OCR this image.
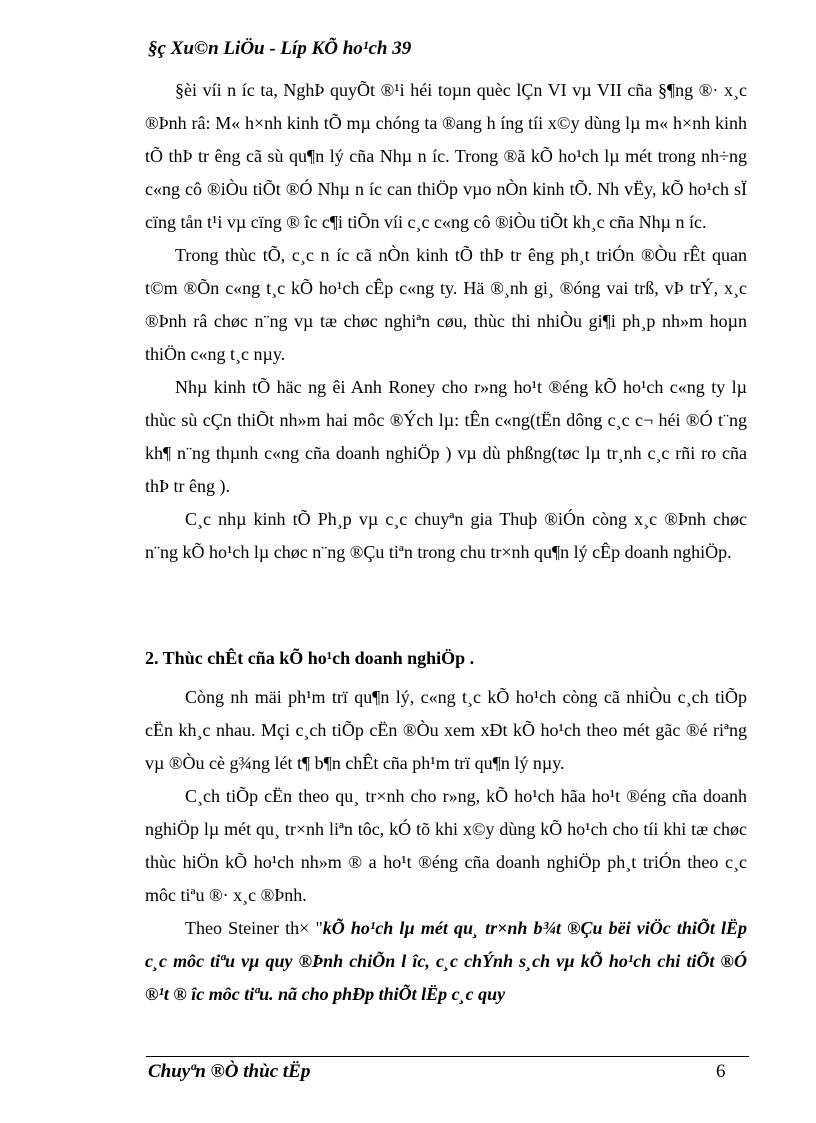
§ç Xu©n LiÖu - Líp KÕ ho¹ch 39

§èi víi n íc ta, NghÞ quyÕt ®¹i héi toµn quèc lÇn VI vµ VII cña §¶ng ®· x¸c ®Þnh râ: M« h×nh kinh tÕ mµ chóng ta ®ang h íng tíi x©y dùng lµ m« h×nh kinh tÕ thÞ tr êng cã sù qu¶n lý cña Nhµ n íc. Trong ®ã kÕ ho¹ch lµ mét trong nh÷ng c«ng cô ®iÒu tiÕt ®Ó Nhµ n íc can thiÖp vµo nÒn kinh tÕ. Nh vËy, kÕ ho¹ch sÏ cïng tån t¹i vµ cïng ® îc c¶i tiÕn víi c¸c c«ng cô ®iÒu tiÕt kh¸c cña Nhµ n íc.

Trong thùc tÕ, c¸c n íc cã nÒn kinh tÕ thÞ tr êng ph¸t triÓn ®Òu rÊt quan t©m ®Õn c«ng t¸c kÕ ho¹ch cÊp c«ng ty. Hä ®¸nh gi¸ ®óng vai trß, vÞ trÝ, x¸c ®Þnh râ chøc n¨ng vµ tæ chøc nghiªn cøu, thùc thi nhiÒu gi¶i ph¸p nh»m hoµn thiÖn c«ng t¸c nµy.

Nhµ kinh tÕ häc ng êi Anh Roney cho r»ng ho¹t ®éng kÕ ho¹ch c«ng ty lµ thùc sù cÇn thiÕt nh»m hai môc ®Ých lµ: tÊn c«ng(tËn dông c¸c c¬ héi ®Ó t¨ng kh¶ n¨ng thµnh c«ng cña doanh nghiÖp ) vµ dù phßng(tøc lµ tr¸nh c¸c rñi ro cña thÞ tr êng ).

C¸c nhµ kinh tÕ Ph¸p vµ c¸c chuyªn gia Thuþ ®iÓn còng x¸c ®Þnh chøc n¨ng kÕ ho¹ch lµ chøc n¨ng ®Çu tiªn trong chu tr×nh qu¶n lý cÊp doanh nghiÖp.

2. Thùc chÊt cña kÕ ho¹ch doanh nghiÖp .

Còng nh mäi ph¹m trï qu¶n lý, c«ng t¸c kÕ ho¹ch còng cã nhiÒu c¸ch tiÕp cËn kh¸c nhau. Mçi c¸ch tiÕp cËn ®Òu xem xÐt kÕ ho¹ch theo mét gãc ®é riªng vµ ®Òu cè g¾ng lét t¶ b¶n chÊt cña ph¹m trï qu¶n lý nµy.

C¸ch tiÕp cËn theo qu¸ tr×nh cho r»ng, kÕ ho¹ch hãa ho¹t ®éng cña doanh nghiÖp lµ mét qu¸ tr×nh liªn tôc, kÓ tõ khi x©y dùng kÕ ho¹ch cho tíi khi tæ chøc thùc hiÖn kÕ ho¹ch nh»m ® a ho¹t ®éng cña doanh nghiÖp ph¸t triÓn theo c¸c môc tiªu ®· x¸c ®Þnh.

Theo Steiner th× "kÕ ho¹ch lµ mét qu¸ tr×nh b¾t ®Çu bëi viÖc thiÕt lËp c¸c môc tiªu vµ quy ®Þnh chiÕn l îc, c¸c chÝnh s¸ch vµ kÕ ho¹ch chi tiÕt ®Ó ®¹t ® îc môc tiªu. nã cho phÐp thiÕt lËp c¸c quy

Chuyªn ®Ò thùc tËp	6
